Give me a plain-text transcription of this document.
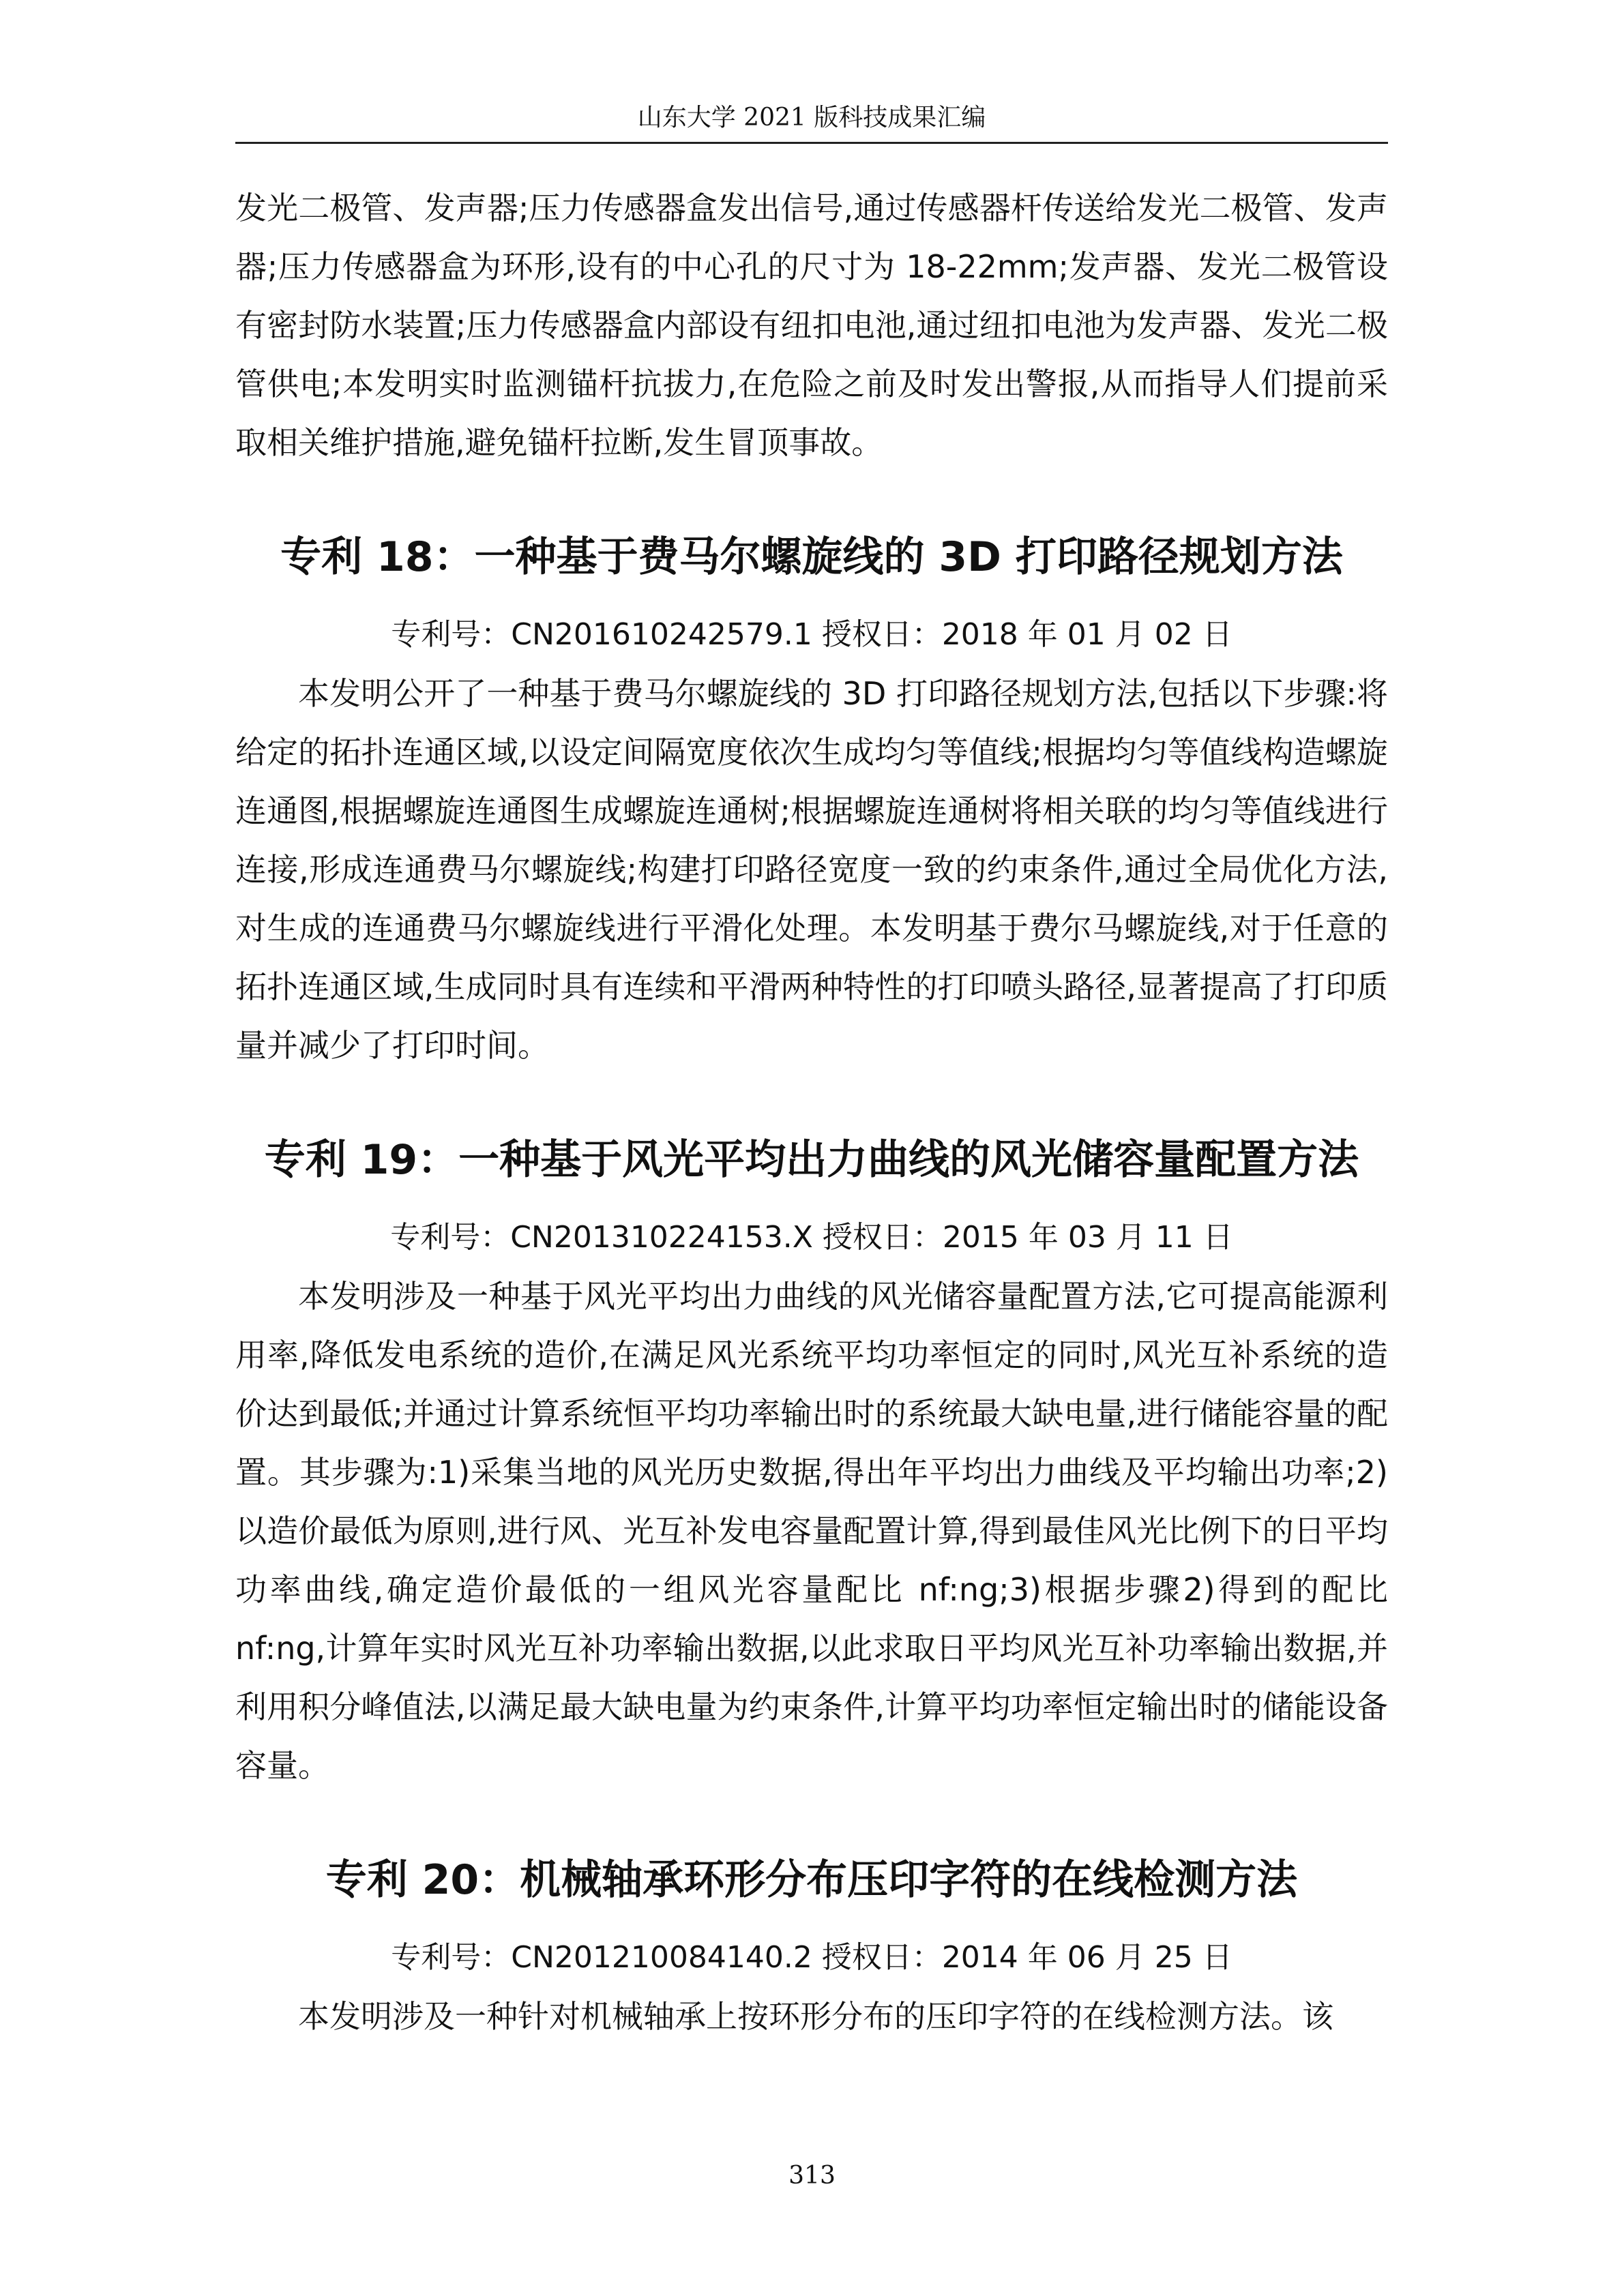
山东大学 2021 版科技成果汇编

发光二极管、发声器;压力传感器盒发出信号,通过传感器杆传送给发光二极管、发声器;压力传感器盒为环形,设有的中心孔的尺寸为 18-22mm;发声器、发光二极管设有密封防水装置;压力传感器盒内部设有纽扣电池,通过纽扣电池为发声器、发光二极管供电;本发明实时监测锚杆抗拔力,在危险之前及时发出警报,从而指导人们提前采取相关维护措施,避免锚杆拉断,发生冒顶事故。

专利 18：一种基于费马尔螺旋线的 3D 打印路径规划方法

专利号：CN201610242579.1 授权日：2018 年 01 月 02 日

本发明公开了一种基于费马尔螺旋线的 3D 打印路径规划方法,包括以下步骤:将给定的拓扑连通区域,以设定间隔宽度依次生成均匀等值线;根据均匀等值线构造螺旋连通图,根据螺旋连通图生成螺旋连通树;根据螺旋连通树将相关联的均匀等值线进行连接,形成连通费马尔螺旋线;构建打印路径宽度一致的约束条件,通过全局优化方法,对生成的连通费马尔螺旋线进行平滑化处理。本发明基于费尔马螺旋线,对于任意的拓扑连通区域,生成同时具有连续和平滑两种特性的打印喷头路径,显著提高了打印质量并减少了打印时间。

专利 19：一种基于风光平均出力曲线的风光储容量配置方法

专利号：CN201310224153.X 授权日：2015 年 03 月 11 日

本发明涉及一种基于风光平均出力曲线的风光储容量配置方法,它可提高能源利用率,降低发电系统的造价,在满足风光系统平均功率恒定的同时,风光互补系统的造价达到最低;并通过计算系统恒平均功率输出时的系统最大缺电量,进行储能容量的配置。其步骤为:1)采集当地的风光历史数据,得出年平均出力曲线及平均输出功率;2)以造价最低为原则,进行风、光互补发电容量配置计算,得到最佳风光比例下的日平均功率曲线,确定造价最低的一组风光容量配比 nf:ng;3)根据步骤2)得到的配比 nf:ng,计算年实时风光互补功率输出数据,以此求取日平均风光互补功率输出数据,并利用积分峰值法,以满足最大缺电量为约束条件,计算平均功率恒定输出时的储能设备容量。

专利 20：机械轴承环形分布压印字符的在线检测方法

专利号：CN201210084140.2 授权日：2014 年 06 月 25 日

本发明涉及一种针对机械轴承上按环形分布的压印字符的在线检测方法。该

313
